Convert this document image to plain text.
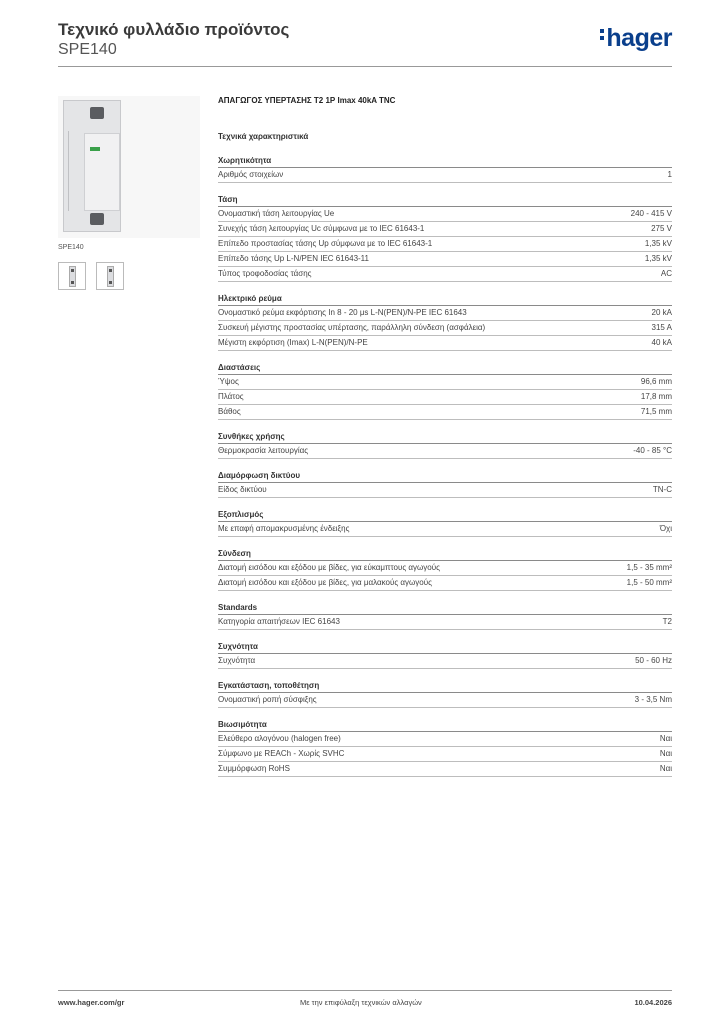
Τεχνικό φυλλάδιο προϊόντος
SPE140	hager
SPE140
ΑΠΑΓΩΓΟΣ ΥΠΕΡΤΑΣΗΣ Τ2 1Ρ Imax 40kA TNC
Τεχνικά χαρακτηριστικά
Χωρητικότητα
Αριθμός στοιχείων	1
Τάση
Ονομαστική τάση λειτουργίας Ue	240 - 415 V
Συνεχής τάση λειτουργίας Uc σύμφωνα με το IEC 61643-1	275 V
Επίπεδο προστασίας τάσης Up σύμφωνα με το IEC 61643-1	1,35 kV
Επίπεδο τάσης Up L-N/PEN IEC 61643-11	1,35 kV
Τύπος τροφοδοσίας τάσης	AC
Ηλεκτρικό ρεύμα
Ονομαστικό ρεύμα εκφόρτισης In 8 - 20 μs L-N(PEN)/N-PE IEC 61643	20 kA
Συσκευή μέγιστης προστασίας υπέρτασης, παράλληλη σύνδεση (ασφάλεια)	315 A
Μέγιστη εκφόρτιση (Imax) L-N(PEN)/N-PE	40 kA
Διαστάσεις
Ύψος	96,6 mm
Πλάτος	17,8 mm
Βάθος	71,5 mm
Συνθήκες χρήσης
Θερμοκρασία λειτουργίας	-40 - 85 °C
Διαμόρφωση δικτύου
Είδος δικτύου	TN-C
Εξοπλισμός
Με επαφή απομακρυσμένης ένδειξης	Όχι
Σύνδεση
Διατομή εισόδου και εξόδου με βίδες, για εύκαμπτους αγωγούς	1,5 - 35 mm²
Διατομή εισόδου και εξόδου με βίδες, για μαλακούς αγωγούς	1,5 - 50 mm²
Standards
Κατηγορία απαιτήσεων IEC 61643	T2
Συχνότητα
Συχνότητα	50 - 60 Hz
Εγκατάσταση, τοποθέτηση
Ονομαστική ροπή σύσφιξης	3 - 3,5 Nm
Βιωσιμότητα
Ελεύθερο αλογόνου (halogen free)	Ναι
Σύμφωνο με REACh - Χωρίς SVHC	Ναι
Συμμόρφωση RoHS	Ναι
www.hager.com/gr	Με την επιφύλαξη τεχνικών αλλαγών	10.04.2026
